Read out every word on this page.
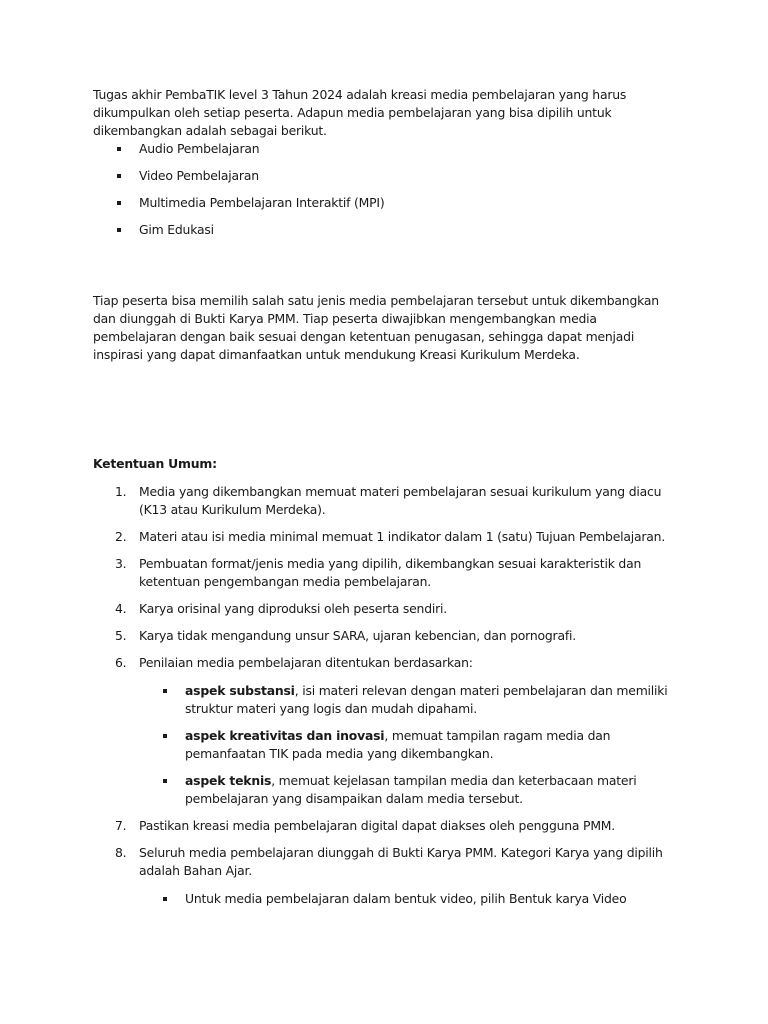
Tugas akhir PembaTIK level 3 Tahun 2024 adalah kreasi media pembelajaran yang harus dikumpulkan oleh setiap peserta. Adapun media pembelajaran yang bisa dipilih untuk dikembangkan adalah sebagai berikut.

Audio Pembelajaran
Video Pembelajaran
Multimedia Pembelajaran Interaktif (MPI)
Gim Edukasi

Tiap peserta bisa memilih salah satu jenis media pembelajaran tersebut untuk dikembangkan dan diunggah di Bukti Karya PMM. Tiap peserta diwajibkan mengembangkan media pembelajaran dengan baik sesuai dengan ketentuan penugasan, sehingga dapat menjadi inspirasi yang dapat dimanfaatkan untuk mendukung Kreasi Kurikulum Merdeka.

Ketentuan Umum:

1. Media yang dikembangkan memuat materi pembelajaran sesuai kurikulum yang diacu (K13 atau Kurikulum Merdeka).
2. Materi atau isi media minimal memuat 1 indikator dalam 1 (satu) Tujuan Pembelajaran.
3. Pembuatan format/jenis media yang dipilih, dikembangkan sesuai karakteristik dan ketentuan pengembangan media pembelajaran.
4. Karya orisinal yang diproduksi oleh peserta sendiri.
5. Karya tidak mengandung unsur SARA, ujaran kebencian, dan pornografi.
6. Penilaian media pembelajaran ditentukan berdasarkan:
aspek substansi, isi materi relevan dengan materi pembelajaran dan memiliki struktur materi yang logis dan mudah dipahami.
aspek kreativitas dan inovasi, memuat tampilan ragam media dan pemanfaatan TIK pada media yang dikembangkan.
aspek teknis, memuat kejelasan tampilan media dan keterbacaan materi pembelajaran yang disampaikan dalam media tersebut.
7. Pastikan kreasi media pembelajaran digital dapat diakses oleh pengguna PMM.
8. Seluruh media pembelajaran diunggah di Bukti Karya PMM. Kategori Karya yang dipilih adalah Bahan Ajar.
Untuk media pembelajaran dalam bentuk video, pilih Bentuk karya Video
